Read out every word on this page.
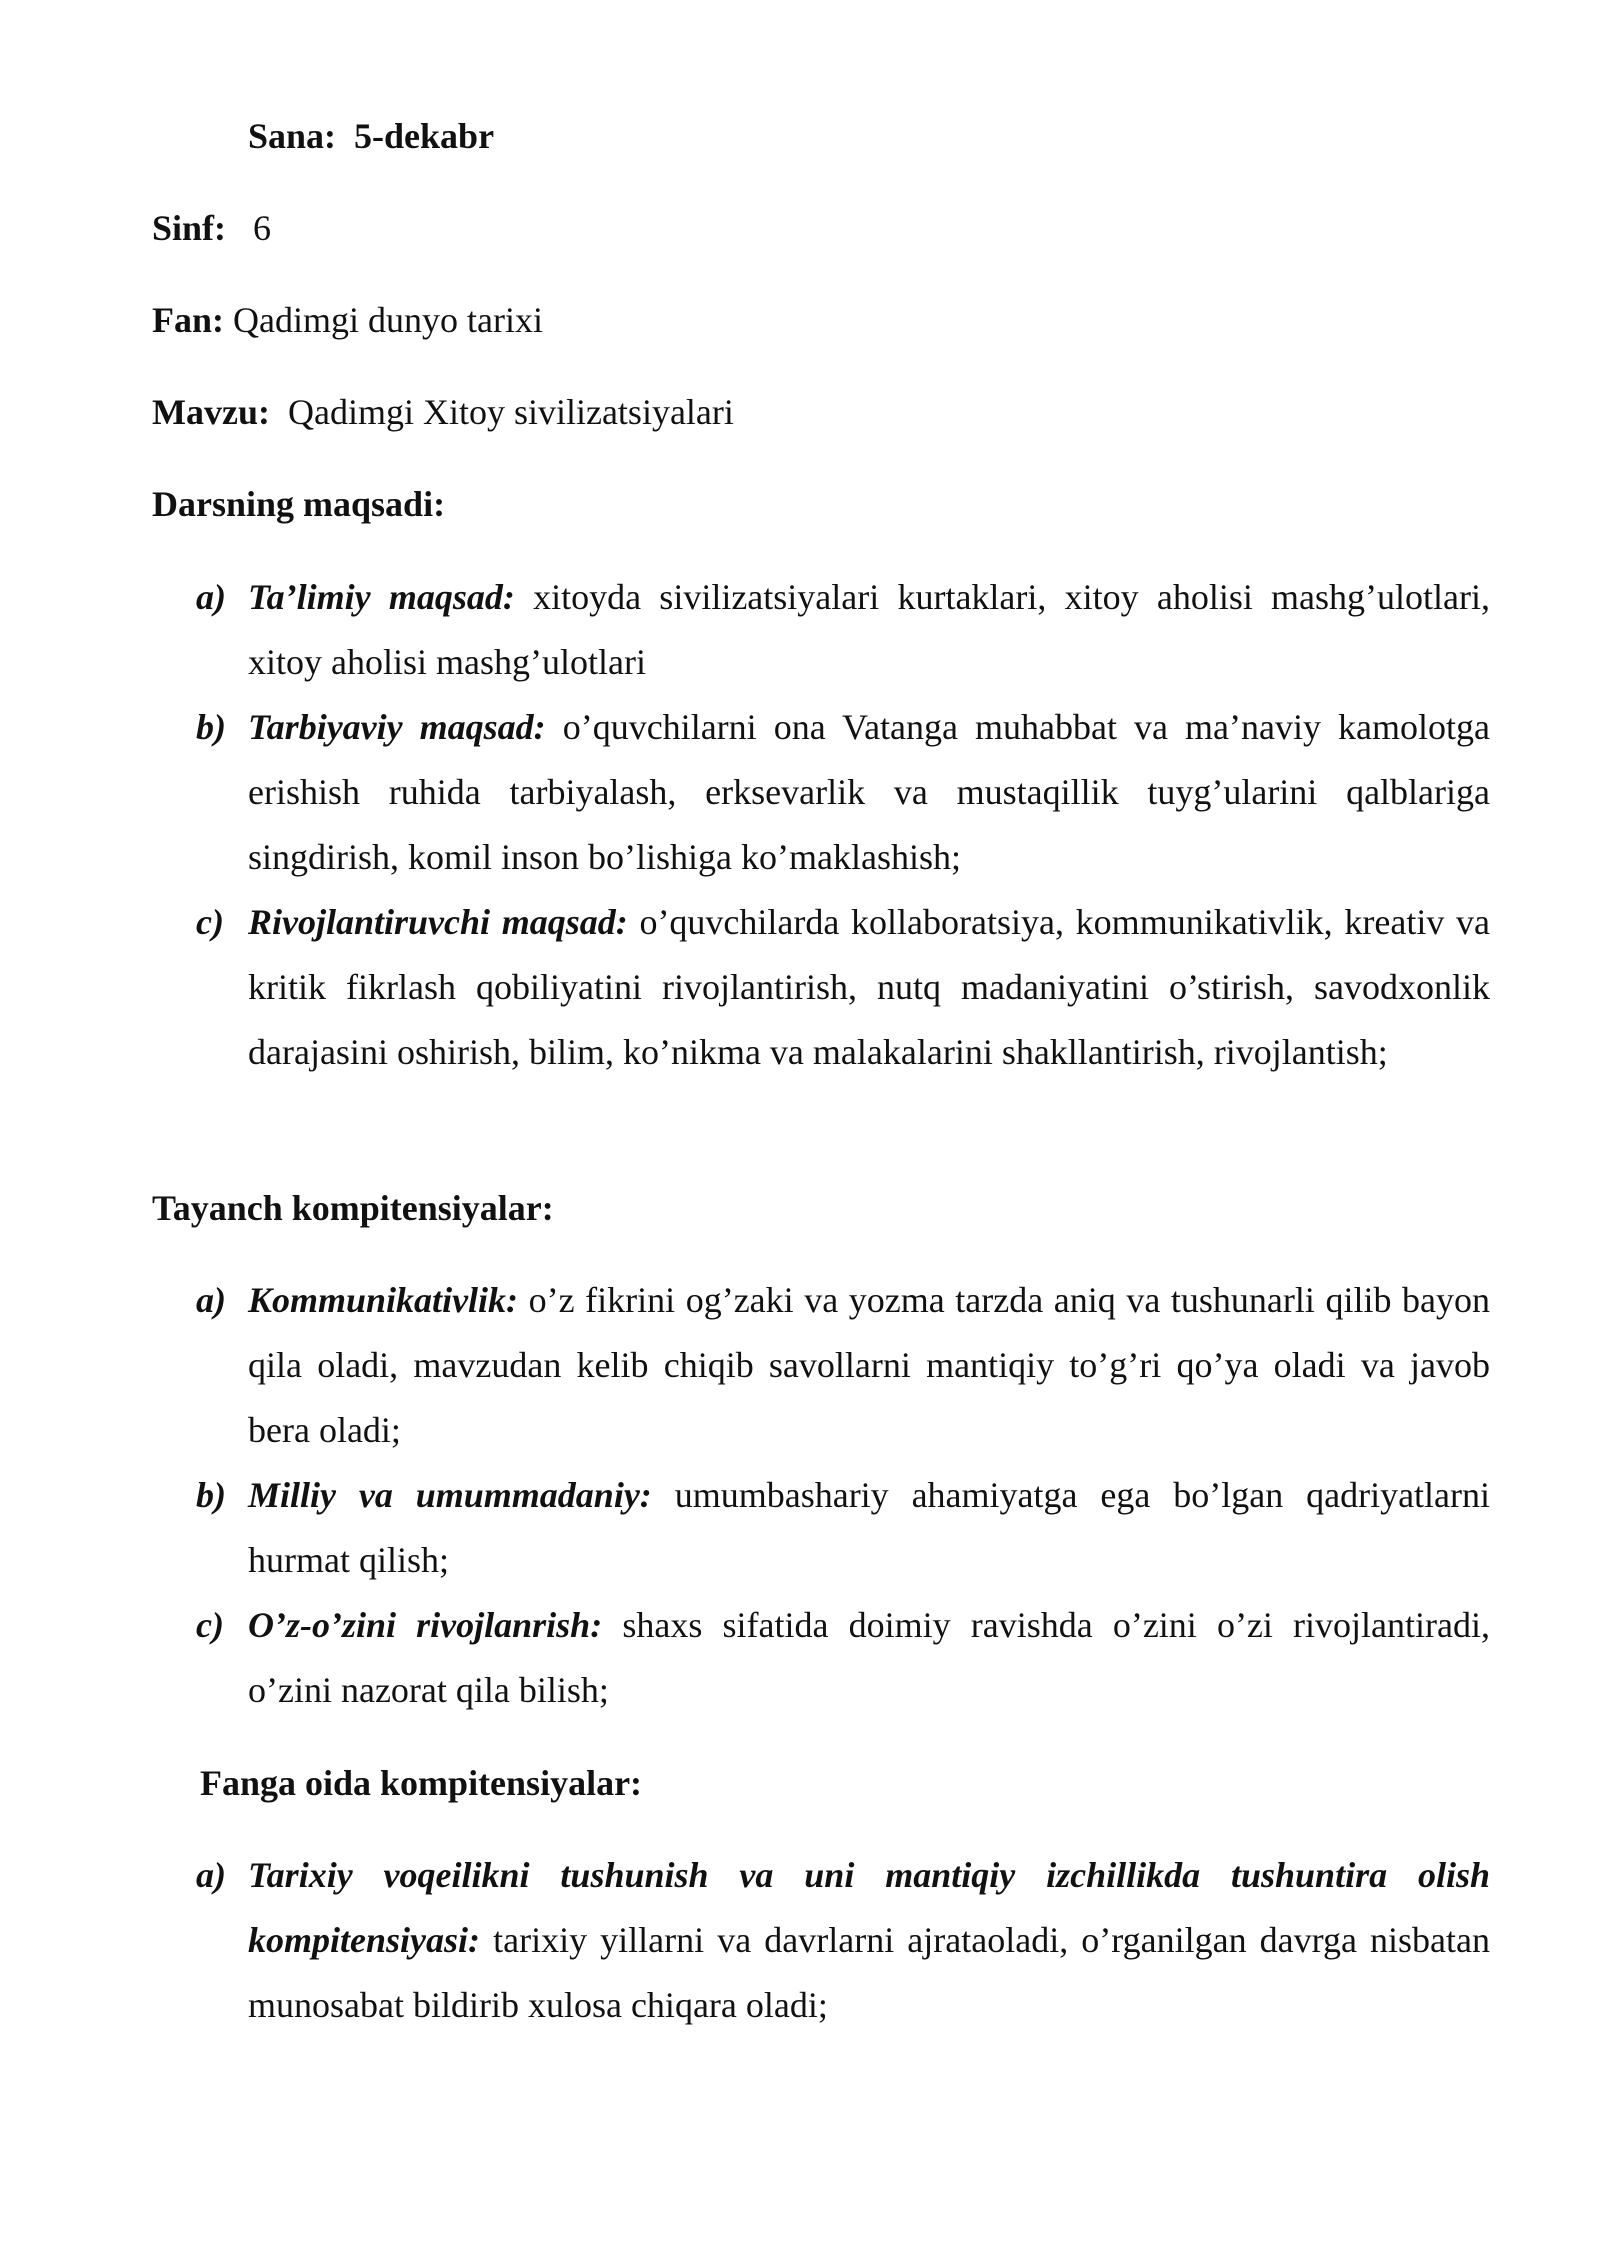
Sana: 5-dekabr
Sinf: 6
Fan: Qadimgi dunyo tarixi
Mavzu: Qadimgi Xitoy sivilizatsiyalari
Darsning maqsadi:
a) Ta’limiy maqsad: xitoyda sivilizatsiyalari kurtaklari, xitoy aholisi mashg’ulotlari, xitoy aholisi mashg’ulotlari
b) Tarbiyaviy maqsad: o’quvchilarni ona Vatanga muhabbat va ma’naviy kamolotga erishish ruhida tarbiyalash, erksevarlik va mustaqillik tuyg’ularini qalblariga singdirish, komil inson bo’lishiga ko’maklashish;
c) Rivojlantiruvchi maqsad: o’quvchilarda kollaboratsiya, kommunikativlik, kreativ va kritik fikrlash qobiliyatini rivojlantirish, nutq madaniyatini o’stirish, savodxonlik darajasini oshirish, bilim, ko’nikma va malakalarini shakllantirish, rivojlantish;
Tayanch kompitensiyalar:
a) Kommunikativlik: o’z fikrini og’zaki va yozma tarzda aniq va tushunarli qilib bayon qila oladi, mavzudan kelib chiqib savollarni mantiqiy to’g’ri qo’ya oladi va javob bera oladi;
b) Milliy va umummadaniy: umumbashariy ahamiyatga ega bo’lgan qadriyatlarni hurmat qilish;
c) O’z-o’zini rivojlanrish: shaxs sifatida doimiy ravishda o’zini o’zi rivojlantiradi, o’zini nazorat qila bilish;
Fanga oida kompitensiyalar:
a) Tarixiy voqeilikni tushunish va uni mantiqiy izchillikda tushuntira olish kompitensiyasi: tarixiy yillarni va davrlarni ajrataoladi, o’rganilgan davrga nisbatan munosabat bildirib xulosa chiqara oladi;
